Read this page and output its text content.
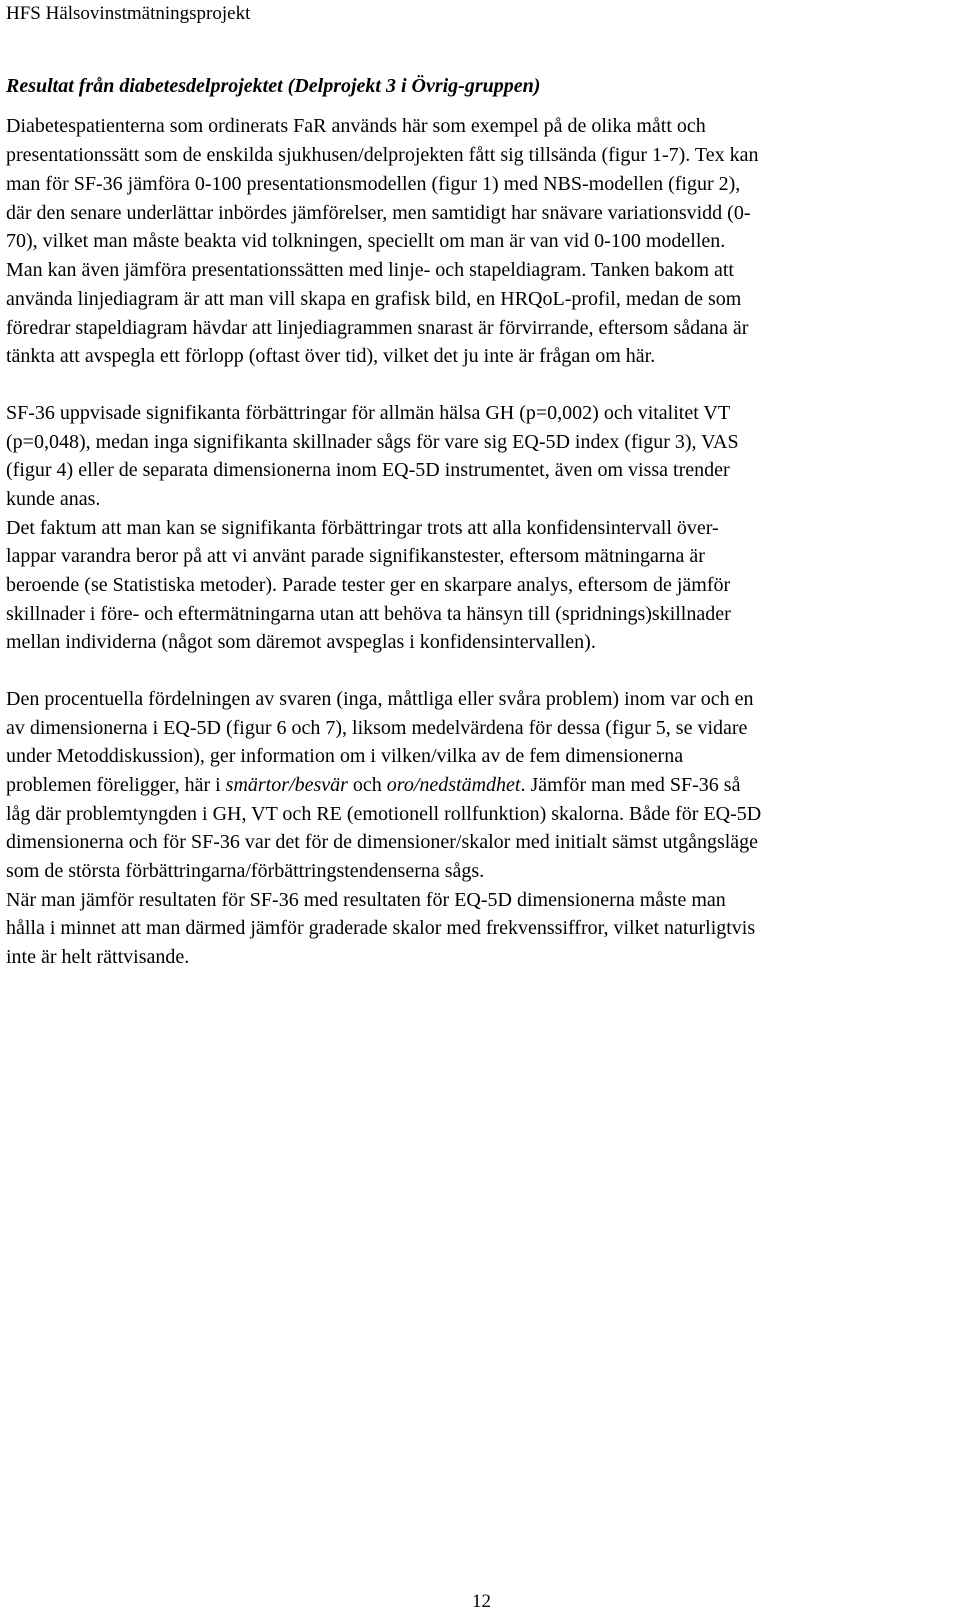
HFS Hälsovinstmätningsprojekt
Resultat från diabetesdelprojektet (Delprojekt 3 i Övrig-gruppen)
Diabetespatienterna som ordinerats FaR används här som exempel på de olika mått och
presentationssätt som de enskilda sjukhusen/delprojekten fått sig tillsända (figur 1-7). Tex kan
man för SF-36 jämföra 0-100 presentationsmodellen (figur 1) med NBS-modellen (figur 2),
där den senare underlättar inbördes jämförelser, men samtidigt har snävare variationsvidd (0-
70), vilket man måste beakta vid tolkningen, speciellt om man är van vid 0-100 modellen.
Man kan även jämföra presentationssätten med linje- och stapeldiagram. Tanken bakom att
använda linjediagram är att man vill skapa en grafisk bild, en HRQoL-profil, medan de som
föredrar stapeldiagram hävdar att linjediagrammen snarast är förvirrande, eftersom sådana är
tänkta att avspegla ett förlopp (oftast över tid), vilket det ju inte är frågan om här.
SF-36 uppvisade signifikanta förbättringar för allmän hälsa GH (p=0,002) och vitalitet VT
(p=0,048), medan inga signifikanta skillnader sågs för vare sig EQ-5D index (figur 3), VAS
(figur 4) eller de separata dimensionerna inom EQ-5D instrumentet, även om vissa trender
kunde anas.
Det faktum att man kan se signifikanta förbättringar trots att alla konfidensintervall över-
lappar varandra beror på att vi använt parade signifikanstester, eftersom mätningarna är
beroende (se Statistiska metoder). Parade tester ger en skarpare analys, eftersom de jämför
skillnader i före- och eftermätningarna utan att behöva ta hänsyn till (spridnings)skillnader
mellan individerna (något som däremot avspeglas i konfidensintervallen).
Den procentuella fördelningen av svaren (inga, måttliga eller svåra problem) inom var och en
av dimensionerna i EQ-5D (figur 6 och 7), liksom medelvärdena för dessa (figur 5, se vidare
under Metoddiskussion), ger information om i vilken/vilka av de fem dimensionerna
problemen föreligger, här i smärtor/besvär och oro/nedstämdhet. Jämför man med SF-36 så
låg där problemtyngden i GH, VT och RE (emotionell rollfunktion) skalorna. Både för EQ-5D
dimensionerna och för SF-36 var det för de dimensioner/skalor med initialt sämst utgångsläge
som de största förbättringarna/förbättringstendenserna sågs.
När man jämför resultaten för SF-36 med resultaten för EQ-5D dimensionerna måste man
hålla i minnet att man därmed jämför graderade skalor med frekvenssiffror, vilket naturligtvis
inte är helt rättvisande.
12
